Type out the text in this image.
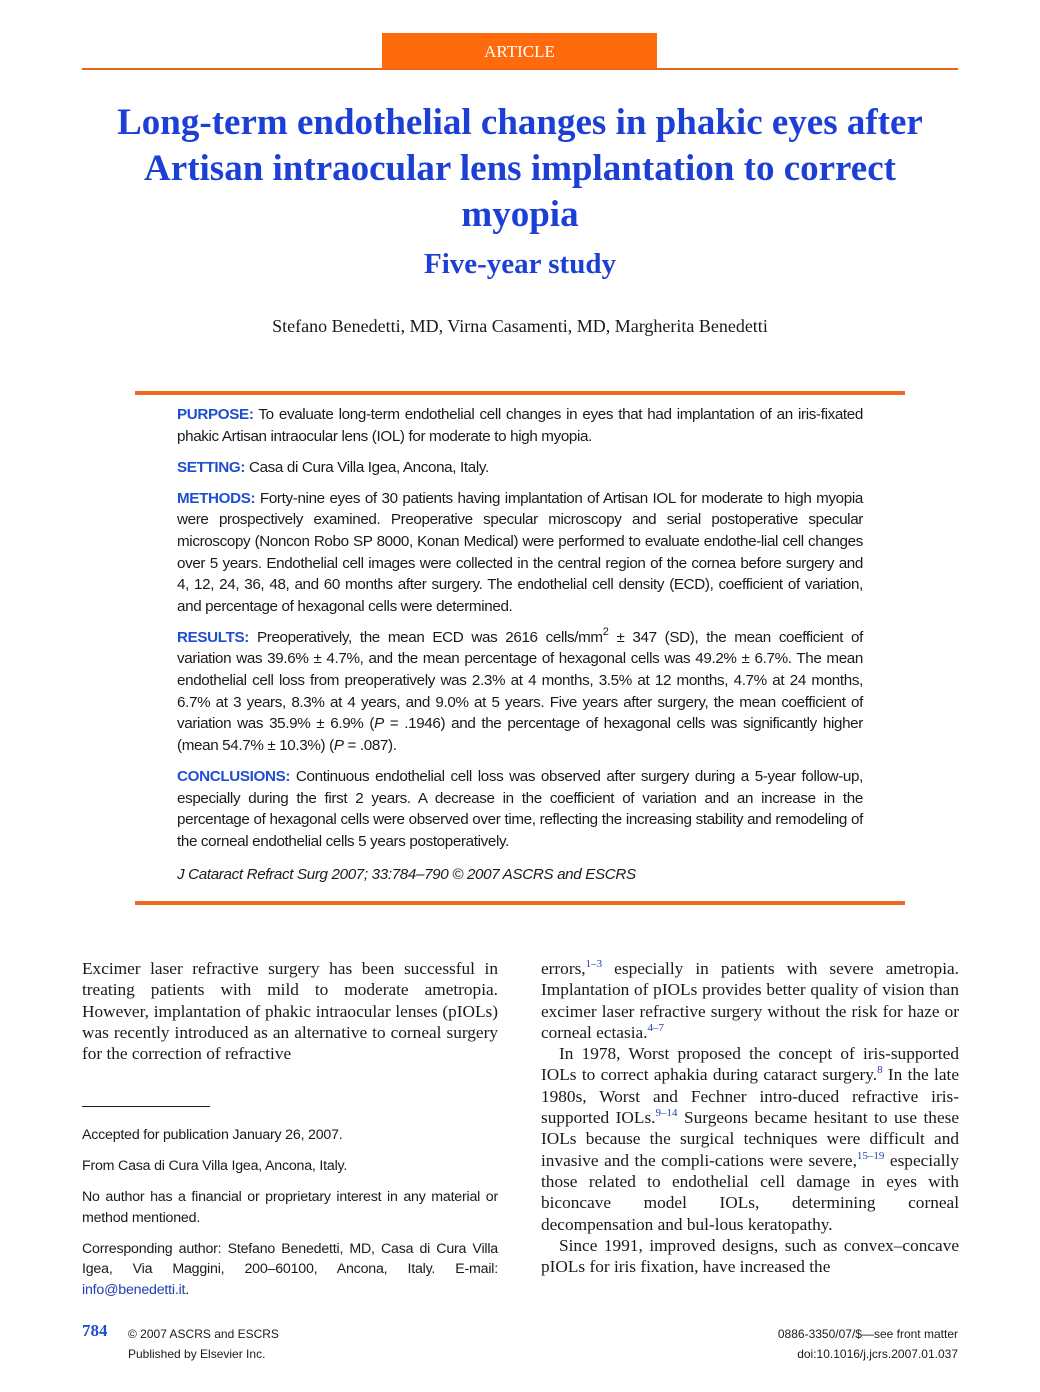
ARTICLE
Long-term endothelial changes in phakic eyes after Artisan intraocular lens implantation to correct myopia
Five-year study
Stefano Benedetti, MD, Virna Casamenti, MD, Margherita Benedetti

PURPOSE: To evaluate long-term endothelial cell changes in eyes that had implantation of an iris-fixated phakic Artisan intraocular lens (IOL) for moderate to high myopia.

SETTING: Casa di Cura Villa Igea, Ancona, Italy.

METHODS: Forty-nine eyes of 30 patients having implantation of Artisan IOL for moderate to high myopia were prospectively examined. Preoperative specular microscopy and serial postoperative specular microscopy (Noncon Robo SP 8000, Konan Medical) were performed to evaluate endothe-lial cell changes over 5 years. Endothelial cell images were collected in the central region of the cornea before surgery and 4, 12, 24, 36, 48, and 60 months after surgery. The endothelial cell density (ECD), coefficient of variation, and percentage of hexagonal cells were determined.

RESULTS: Preoperatively, the mean ECD was 2616 cells/$mm^2 \pm 347$ (SD), the mean coefficient of variation was 39.6% ± 4.7%, and the mean percentage of hexagonal cells was 49.2% ± 6.7%. The mean endothelial cell loss from preoperatively was 2.3% at 4 months, 3.5% at 12 months, 4.7% at 24 months, 6.7% at 3 years, 8.3% at 4 years, and 9.0% at 5 years. Five years after surgery, the mean coefficient of variation was 35.9% ± 6.9% (P = .1946) and the percentage of hexagonal cells was significantly higher (mean 54.7% ± 10.3%) (P = .087).

CONCLUSIONS: Continuous endothelial cell loss was observed after surgery during a 5-year follow-up, especially during the first 2 years. A decrease in the coefficient of variation and an increase in the percentage of hexagonal cells were observed over time, reflecting the increasing stability and remodeling of the corneal endothelial cells 5 years postoperatively.

J Cataract Refract Surg 2007; 33:784–790 © 2007 ASCRS and ESCRS

Excimer laser refractive surgery has been successful in treating patients with mild to moderate ametropia. However, implantation of phakic intraocular lenses (pIOLs) was recently introduced as an alternative to corneal surgery for the correction of refractive

errors,$^{1-3}$ especially in patients with severe ametropia. Implantation of pIOLs provides better quality of vision than excimer laser refractive surgery without the risk for haze or corneal ectasia.$^{4-7}$

In 1978, Worst proposed the concept of iris-supported IOLs to correct aphakia during cataract surgery.$^8$ In the late 1980s, Worst and Fechner intro-duced refractive iris-supported IOLs.$^{9-14}$ Surgeons became hesitant to use these IOLs because the surgical techniques were difficult and invasive and the compli-cations were severe,$^{15-19}$ especially those related to endothelial cell damage in eyes with biconcave model IOLs, determining corneal decompensation and bul-lous keratopathy.

Since 1991, improved designs, such as convex–concave pIOLs for iris fixation, have increased the

Accepted for publication January 26, 2007.

From Casa di Cura Villa Igea, Ancona, Italy.

No author has a financial or proprietary interest in any material or method mentioned.

Corresponding author: Stefano Benedetti, MD, Casa di Cura Villa Igea, Via Maggini, 200–60100, Ancona, Italy. E-mail: info@benedetti.it.

784 © 2007 ASCRS and ESCRS
Published by Elsevier Inc.
0886-3350/07/$—see front matter
doi:10.1016/j.jcrs.2007.01.037
